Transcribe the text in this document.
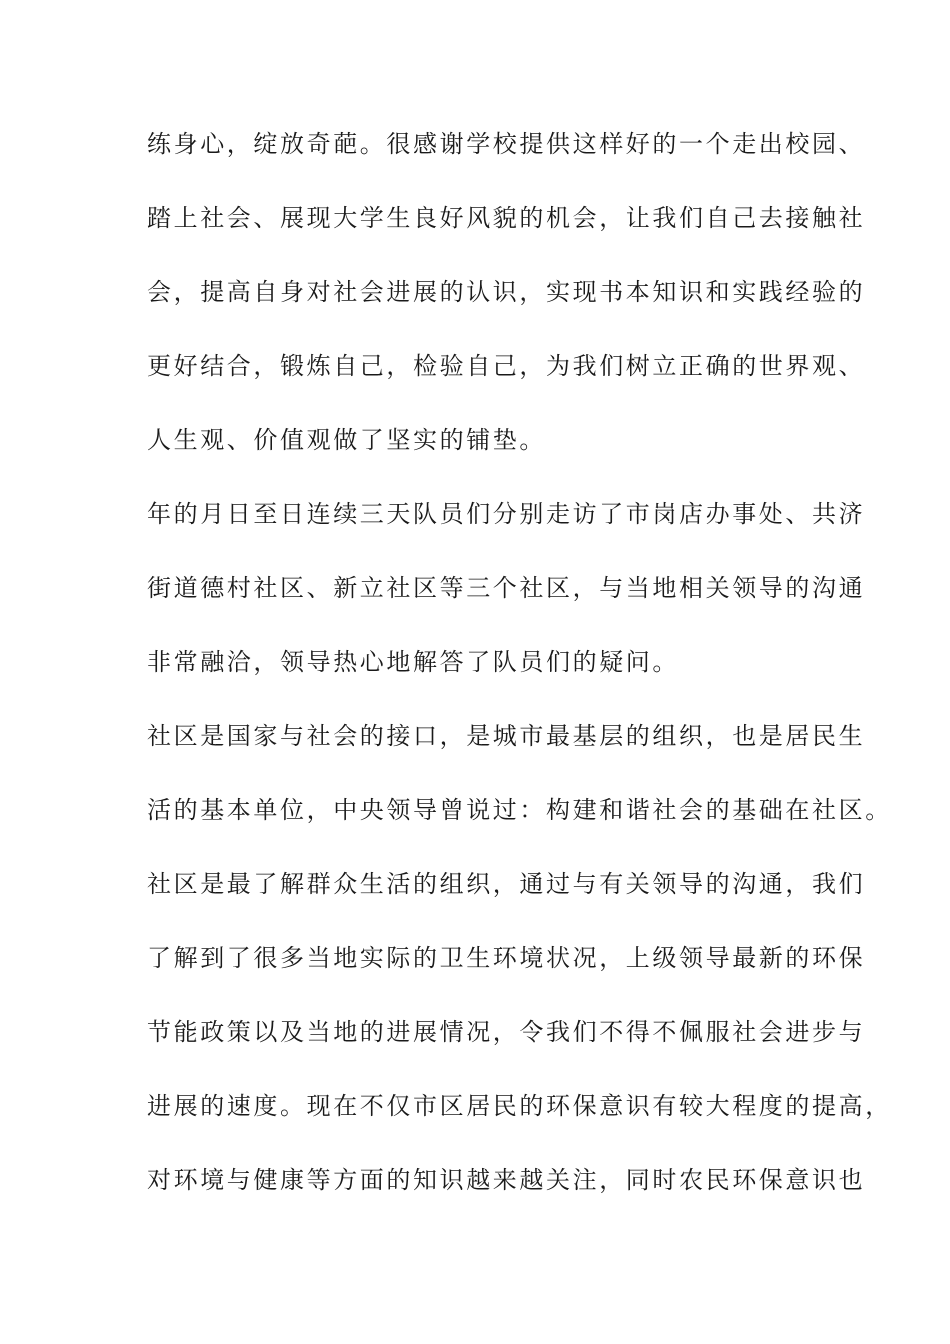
练身心，绽放奇葩。很感谢学校提供这样好的一个走出校园、

踏上社会、展现大学生良好风貌的机会，让我们自己去接触社

会，提高自身对社会进展的认识，实现书本知识和实践经验的

更好结合，锻炼自己，检验自己，为我们树立正确的世界观、

人生观、价值观做了坚实的铺垫。

年的月日至日连续三天队员们分别走访了市岗店办事处、共济

街道德村社区、新立社区等三个社区，与当地相关领导的沟通

非常融洽，领导热心地解答了队员们的疑问。

社区是国家与社会的接口，是城市最基层的组织，也是居民生

活的基本单位，中央领导曾说过：构建和谐社会的基础在社区。

社区是最了解群众生活的组织，通过与有关领导的沟通，我们

了解到了很多当地实际的卫生环境状况，上级领导最新的环保

节能政策以及当地的进展情况，令我们不得不佩服社会进步与

进展的速度。现在不仅市区居民的环保意识有较大程度的提高，

对环境与健康等方面的知识越来越关注，同时农民环保意识也
